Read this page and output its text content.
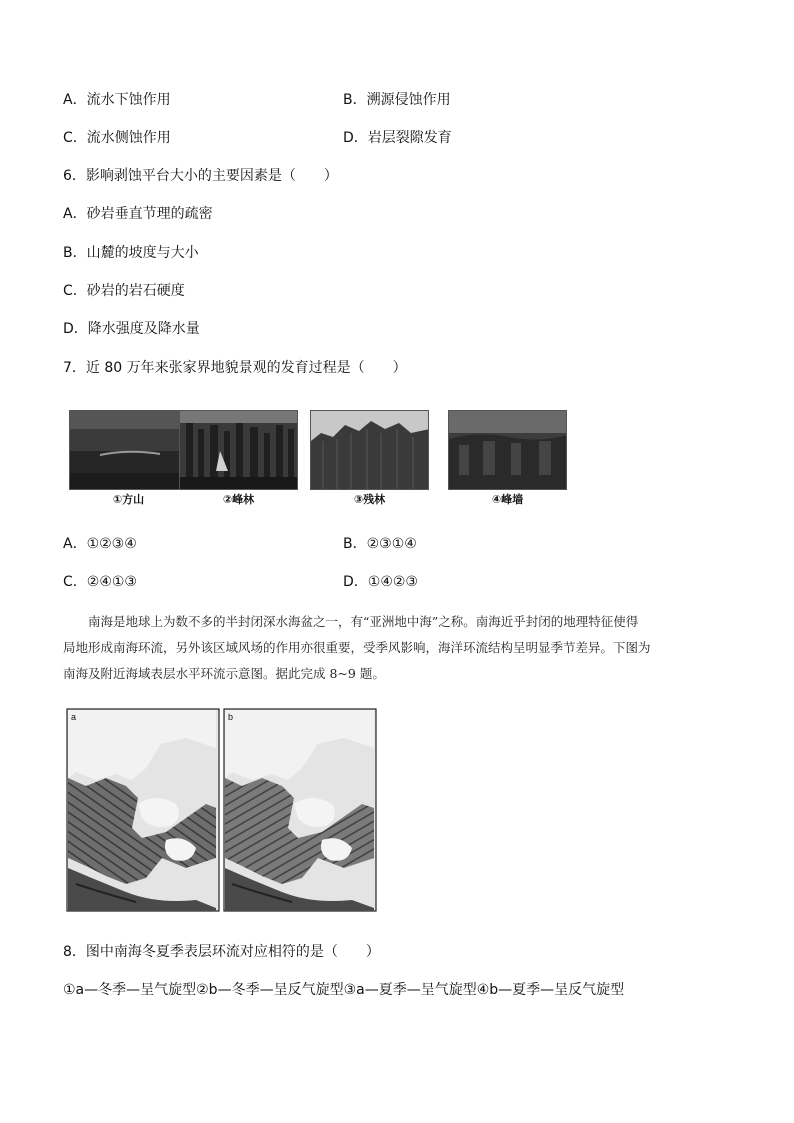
A．流水下蚀作用	B．溯源侵蚀作用
C．流水侧蚀作用	D．岩层裂隙发育
6．影响剥蚀平台大小的主要因素是（　　）
A．砂岩垂直节理的疏密
B．山麓的坡度与大小
C．砂岩的岩石硬度
D．降水强度及降水量
7．近 80 万年来张家界地貌景观的发育过程是（　　）
①方山	②峰林	③残林	④峰墙
A．①②③④	B．②③①④
C．②④①③	D．①④②③
南海是地球上为数不多的半封闭深水海盆之一，有“亚洲地中海”之称。南海近乎封闭的地理特征使得
局地形成南海环流，另外该区域风场的作用亦很重要，受季风影响，海洋环流结构呈明显季节差异。下图为
南海及附近海域表层水平环流示意图。据此完成 8~9 题。
a	b
8．图中南海冬夏季表层环流对应相符的是（　　）
①a—冬季—呈气旋型②b—冬季—呈反气旋型③a—夏季—呈气旋型④b—夏季—呈反气旋型
